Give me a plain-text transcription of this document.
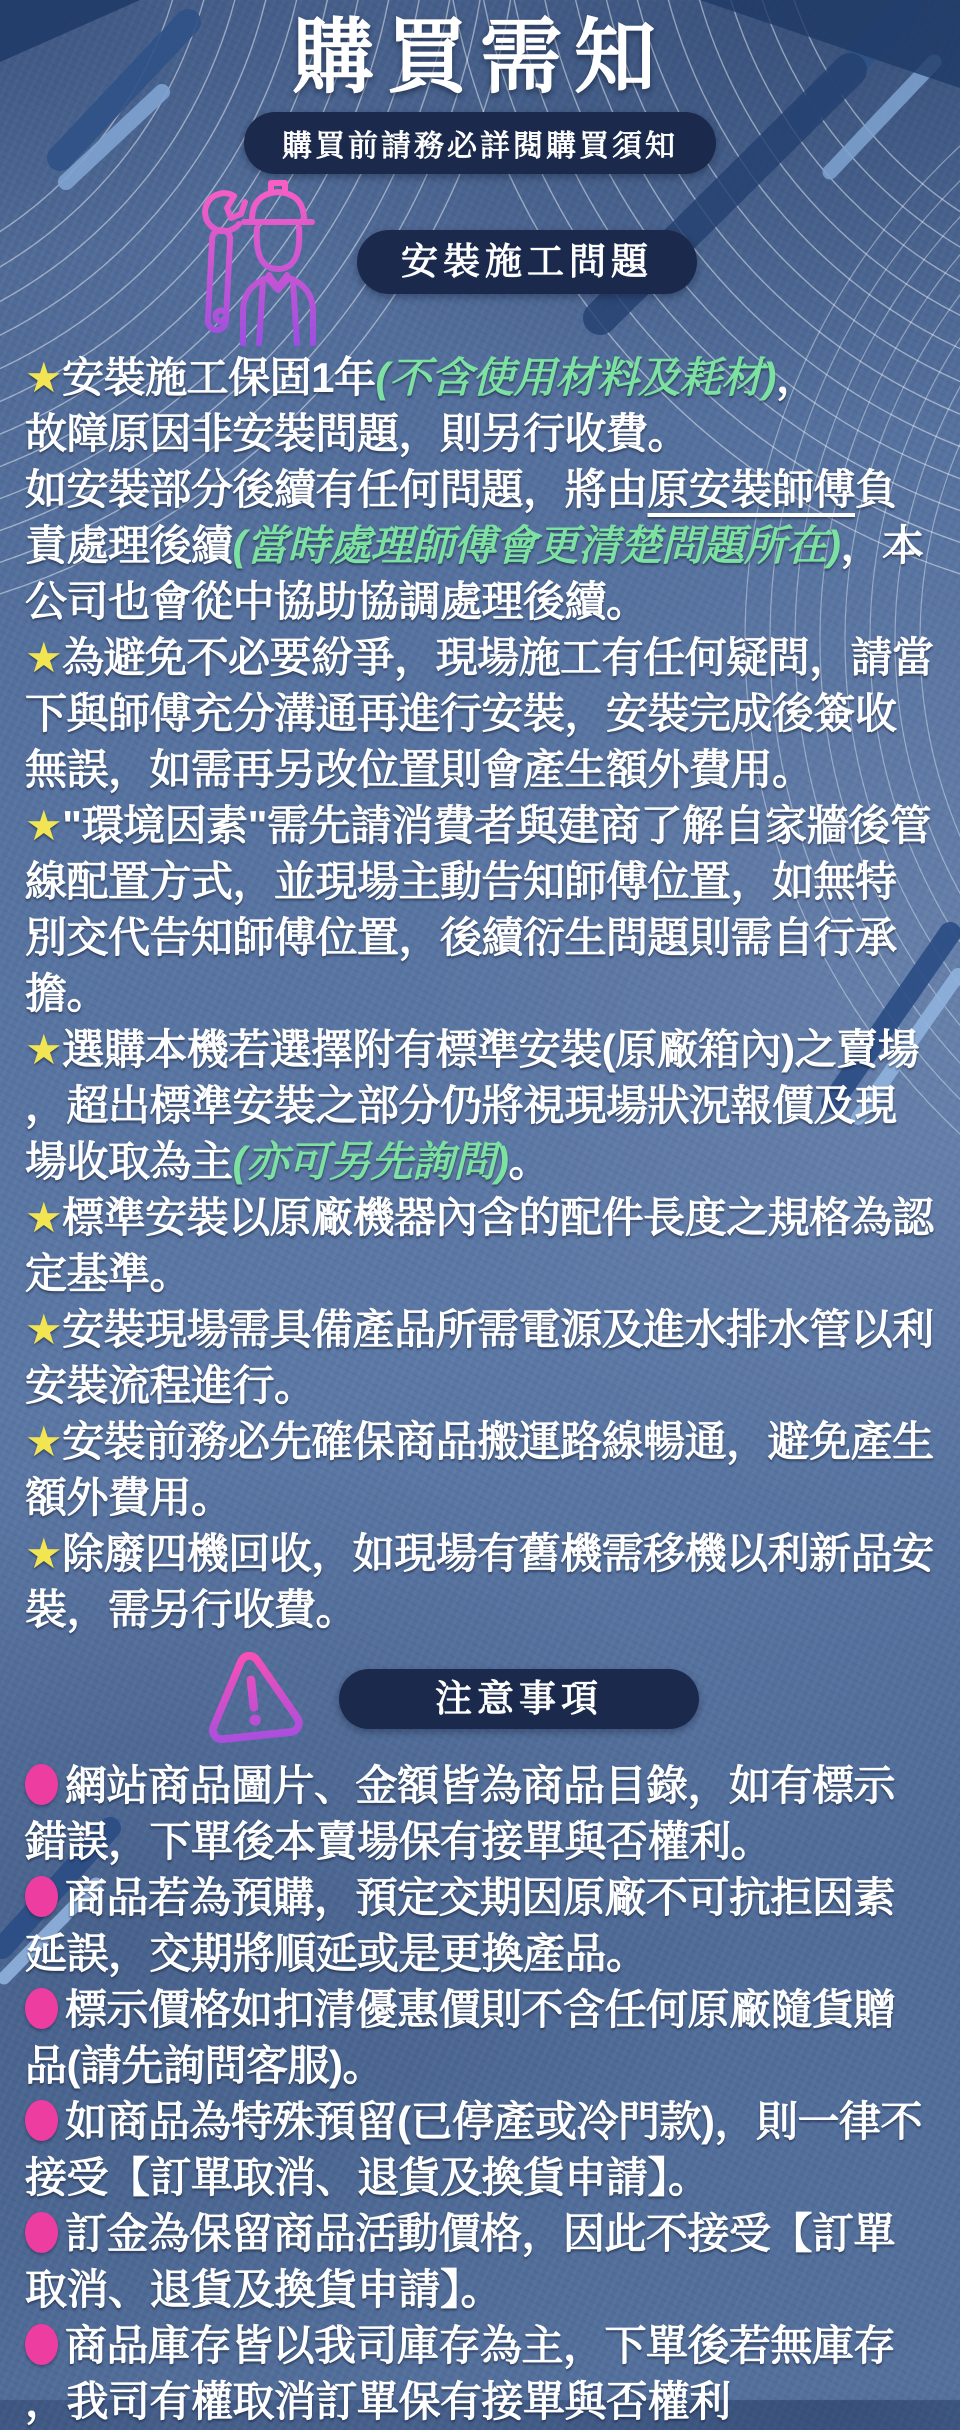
購買需知
購買前請務必詳閱購買須知
安裝施工問題

★安裝施工保固1年(不含使用材料及耗材)，
故障原因非安裝問題，則另行收費。
如安裝部分後續有任何問題，將由原安裝師傅負責處理後續(當時處理師傅會更清楚問題所在)，本公司也會從中協助協調處理後續。

★為避免不必要紛爭，現場施工有任何疑問，請當下與師傅充分溝通再進行安裝，安裝完成後簽收無誤，如需再另改位置則會產生額外費用。

★"環境因素"需先請消費者與建商了解自家牆後管線配置方式，並現場主動告知師傅位置，如無特別交代告知師傅位置，後續衍生問題則需自行承擔。

★選購本機若選擇附有標準安裝(原廠箱內)之賣場，超出標準安裝之部分仍將視現場狀況報價及現場收取為主(亦可另先詢問)。

★標準安裝以原廠機器內含的配件長度之規格為認定基準。

★安裝現場需具備產品所需電源及進水排水管以利安裝流程進行。

★安裝前務必先確保商品搬運路線暢通，避免產生額外費用。

★除廢四機回收，如現場有舊機需移機以利新品安裝，需另行收費。

注意事項

網站商品圖片、金額皆為商品目錄，如有標示錯誤，下單後本賣場保有接單與否權利。

商品若為預購，預定交期因原廠不可抗拒因素延誤，交期將順延或是更換產品。

標示價格如扣清優惠價則不含任何原廠隨貨贈品(請先詢問客服)。

如商品為特殊預留(已停產或冷門款)，則一律不接受【訂單取消、退貨及換貨申請】。

訂金為保留商品活動價格，因此不接受【訂單取消、退貨及換貨申請】。

商品庫存皆以我司庫存為主，下單後若無庫存，我司有權取消訂單保有接單與否權利
